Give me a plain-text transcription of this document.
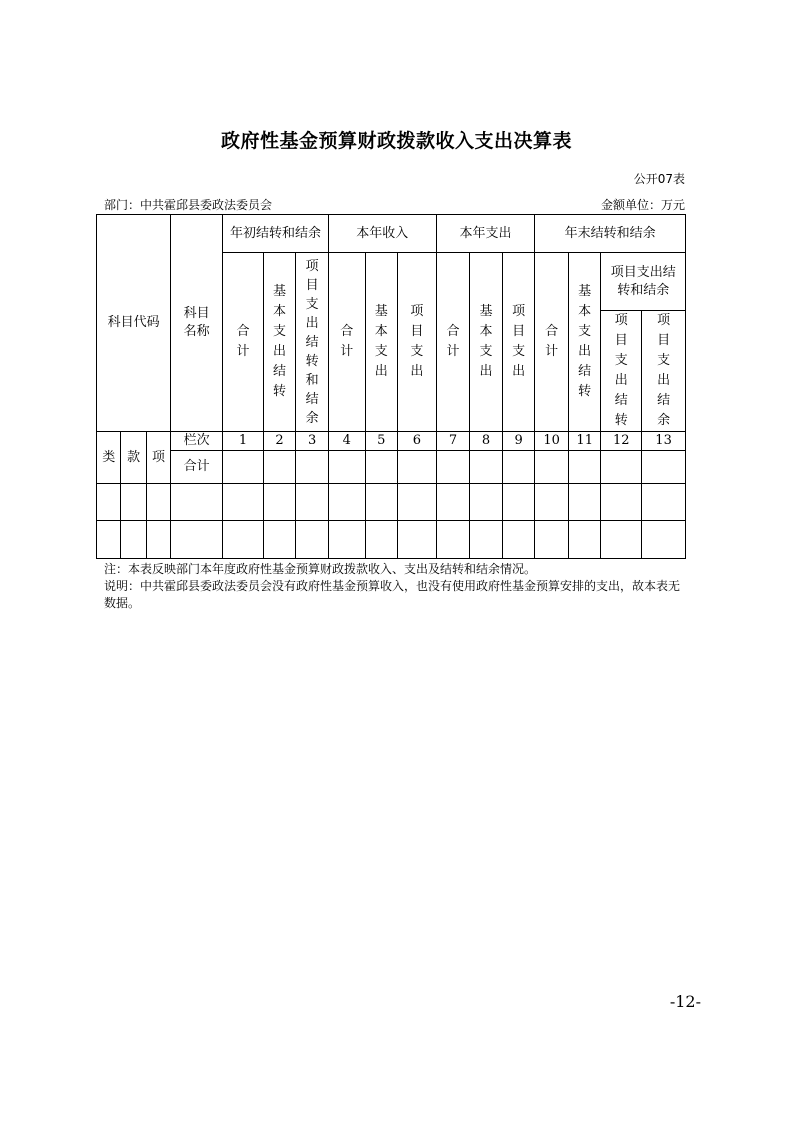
政府性基金预算财政拨款收入支出决算表
公开07表
部门：中共霍邱县委政法委员会	金额单位：万元
科目代码			科目名称	年初结转和结余			本年收入			本年支出			年末结转和结余			
				合计	基本支出结转	项目支出结转和结余	合计	基本支出	项目支出	合计	基本支出	项目支出	合计	基本支出结转	项目支出结转和结余	
															项目支出结转	项目支出结余
类	款	项	栏次	1	2	3	4	5	6	7	8	9	10	11	12	13
			合计													

注：本表反映部门本年度政府性基金预算财政拨款收入、支出及结转和结余情况。
说明：中共霍邱县委政法委员会没有政府性基金预算收入，也没有使用政府性基金预算安排的支出，故本表无数据。
-12-
